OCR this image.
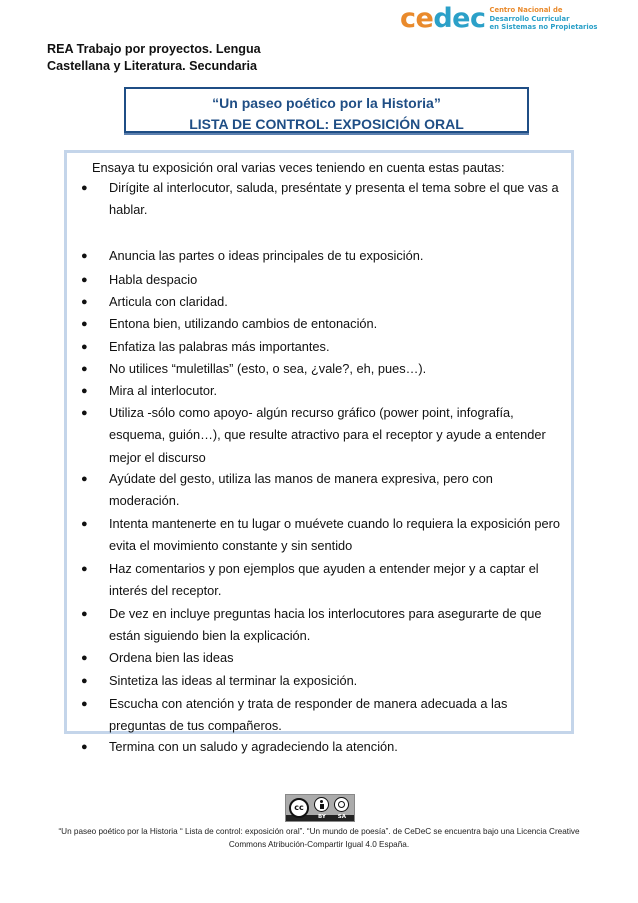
ce dec Centro Nacional de
Desarrollo Curricular
en Sistemas no Propietarios
REA Trabajo por proyectos. Lengua
Castellana y Literatura. Secundaria
“Un paseo poético por la Historia”
LISTA DE CONTROL: EXPOSICIÓN ORAL
Ensaya tu exposición oral varias veces teniendo en cuenta estas pautas:
● Dirígite al interlocutor, saluda, preséntate y presenta el tema sobre el que vas a
hablar.
● Anuncia las partes o ideas principales de tu exposición.
● Habla despacio
● Articula con claridad.
● Entona bien, utilizando cambios de entonación.
● Enfatiza las palabras más importantes.
● No utilices “muletillas” (esto, o sea, ¿vale?, eh, pues…).
● Mira al interlocutor.
● Utiliza -sólo como apoyo- algún recurso gráfico (power point, infografía,
esquema, guión…), que resulte atractivo para el receptor y ayude a entender
mejor el discurso
● Ayúdate del gesto, utiliza las manos de manera expresiva, pero con
moderación.
● Intenta mantenerte en tu lugar o muévete cuando lo requiera la exposición pero
evita el movimiento constante y sin sentido
● Haz comentarios y pon ejemplos que ayuden a entender mejor y a captar el
interés del receptor.
● De vez en incluye preguntas hacia los interlocutores para asegurarte de que
están siguiendo bien la explicación.
● Ordena bien las ideas
● Sintetiza las ideas al terminar la exposición.
● Escucha con atención y trata de responder de manera adecuada a las
preguntas de tus compañeros.
● Termina con un saludo y agradeciendo la atención.
cc
BY SA
“Un paseo poético por la Historia “ Lista de control: exposición oral”. “Un mundo de poesía”. de CeDeC se encuentra bajo una Licencia Creative
Commons Atribución-Compartir Igual 4.0 España.
